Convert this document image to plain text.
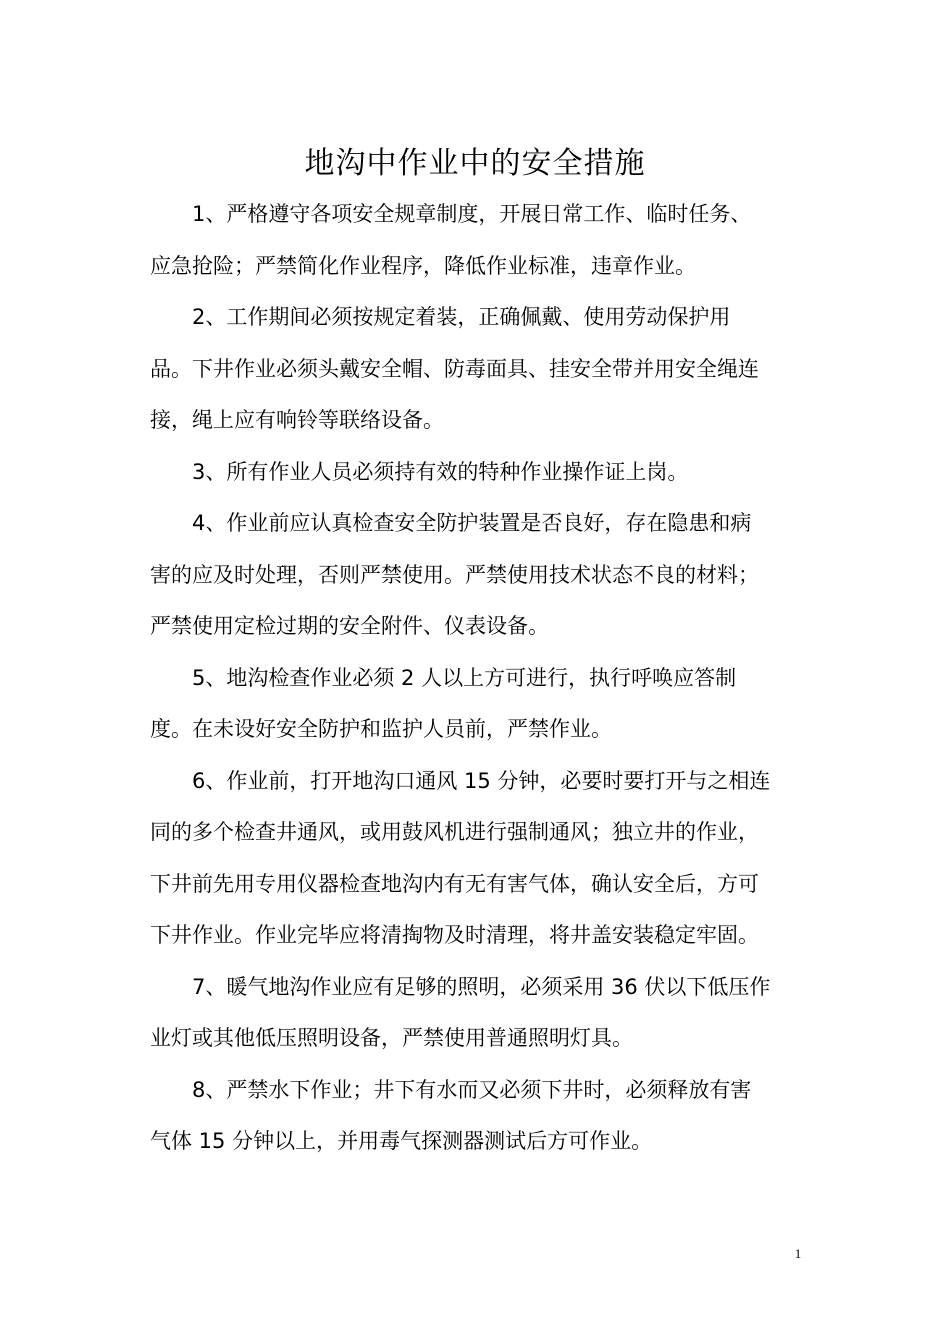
地沟中作业中的安全措施

1、严格遵守各项安全规章制度，开展日常工作、临时任务、
应急抢险；严禁简化作业程序，降低作业标准，违章作业。

2、工作期间必须按规定着装，正确佩戴、使用劳动保护用
品。下井作业必须头戴安全帽、防毒面具、挂安全带并用安全绳连
接，绳上应有响铃等联络设备。

3、所有作业人员必须持有效的特种作业操作证上岗。

4、作业前应认真检查安全防护装置是否良好，存在隐患和病
害的应及时处理，否则严禁使用。严禁使用技术状态不良的材料；
严禁使用定检过期的安全附件、仪表设备。

5、地沟检查作业必须 2 人以上方可进行，执行呼唤应答制
度。在未设好安全防护和监护人员前，严禁作业。

6、作业前，打开地沟口通风 15 分钟，必要时要打开与之相连
同的多个检查井通风，或用鼓风机进行强制通风；独立井的作业，
下井前先用专用仪器检查地沟内有无有害气体，确认安全后，方可
下井作业。作业完毕应将清掏物及时清理，将井盖安装稳定牢固。

7、暖气地沟作业应有足够的照明，必须采用 36 伏以下低压作
业灯或其他低压照明设备，严禁使用普通照明灯具。

8、严禁水下作业；井下有水而又必须下井时，必须释放有害
气体 15 分钟以上，并用毒气探测器测试后方可作业。

1
